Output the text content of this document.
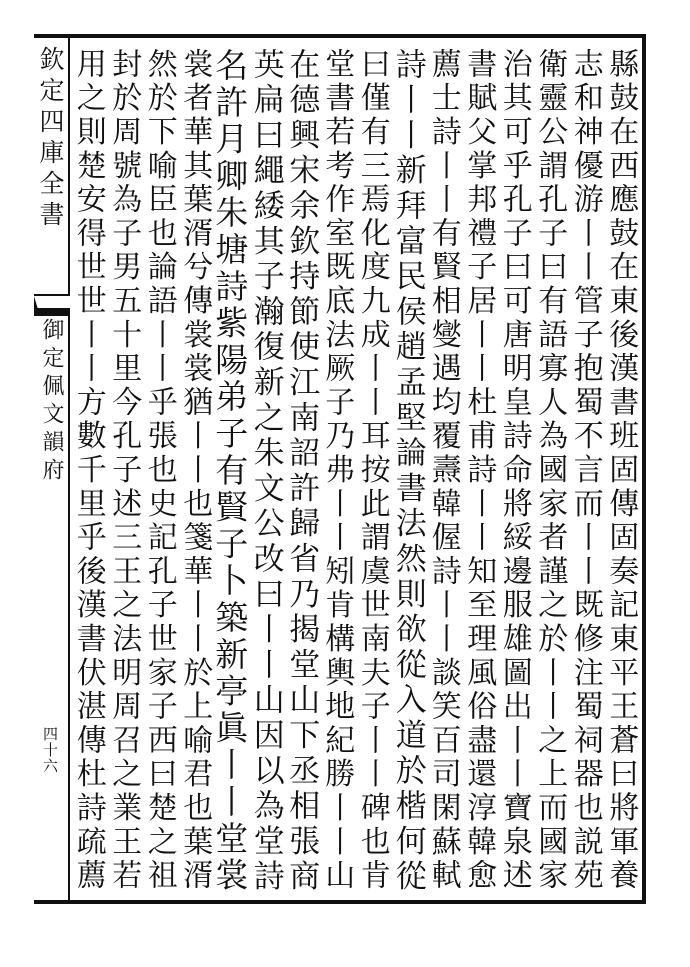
欽定四庫全書
御定佩文韻府
四十六	縣鼓在西應鼓在東後漢書班固傳固奏記東平王蒼曰將軍養
志和神優游丨丨管子抱蜀不言而丨丨既修注蜀祠器也説苑
衛靈公謂孔子曰有語寡人為國家者謹之於丨丨之上而國家
治其可乎孔子曰可唐明皇詩命將綏邊服雄圖出丨丨寶泉述
書賦父掌邦禮子居丨丨杜甫詩丨丨知至理風俗盡還淳韓愈
薦士詩丨丨有賢相燮遇均覆燾韓偓詩丨丨談笑百司閑蘇軾
詩丨丨新拜富民侯趙孟堅論書法然則欲從入道於楷何從
曰僅有三焉化度九成丨丨耳按此謂虞世南夫子丨丨碑也肯
堂書若考作室既底法厥子乃弗丨丨矧肯構輿地紀勝丨丨山
在德興宋余欽持節使江南詔許歸省乃揭堂山下丞相張商
英扁曰繩緌其子瀚復新之朱文公改曰丨丨山因以為堂詩
名許月卿朱塘詩紫陽弟子有賢子卜築新亭眞丨丨堂裳
裳者華其葉湑兮傳裳裳猶丨丨也箋華丨丨於上喻君也葉湑
然於下喻臣也論語丨丨乎張也史記孔子世家子西曰楚之祖
封於周號為子男五十里今孔子述三王之法明周召之業王若
用之則楚安得世世丨丨方數千里乎後漢書伏湛傳杜詩疏薦
